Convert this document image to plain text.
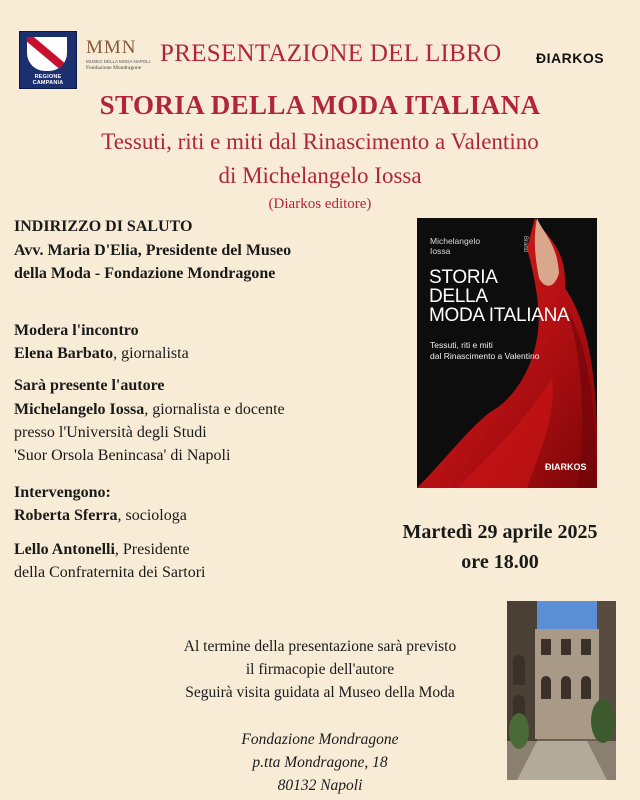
REGIONE CAMPANIA
MMN
MUSEO DELLA MODA NAPOLI
Fondazione Mondragone
PRESENTAZIONE DEL LIBRO ÐIARKOS
STORIA DELLA MODA ITALIANA
Tessuti, riti e miti dal Rinascimento a Valentino
di Michelangelo Iossa
(Diarkos editore)
INDIRIZZO DI SALUTO
Avv. Maria D'Elia, Presidente del Museo
della Moda - Fondazione Mondragone
Modera l'incontro
Elena Barbato, giornalista
Sarà presente l'autore
Michelangelo Iossa, giornalista e docente
presso l'Università degli Studi
'Suor Orsola Benincasa' di Napoli
Intervengono:
Roberta Sferra, sociologa
Lello Antonelli, Presidente
della Confraternita dei Sartori
Michelangelo
Iossa	Brand
STORIA
DELLA
MODA ITALIANA
Tessuti, riti e miti
dal Rinascimento a Valentino
ÐIARKOS
Martedì 29 aprile 2025
ore 18.00
Al termine della presentazione sarà previsto
il firmacopie dell'autore
Seguirà visita guidata al Museo della Moda
Fondazione Mondragone
p.tta Mondragone, 18
80132 Napoli
